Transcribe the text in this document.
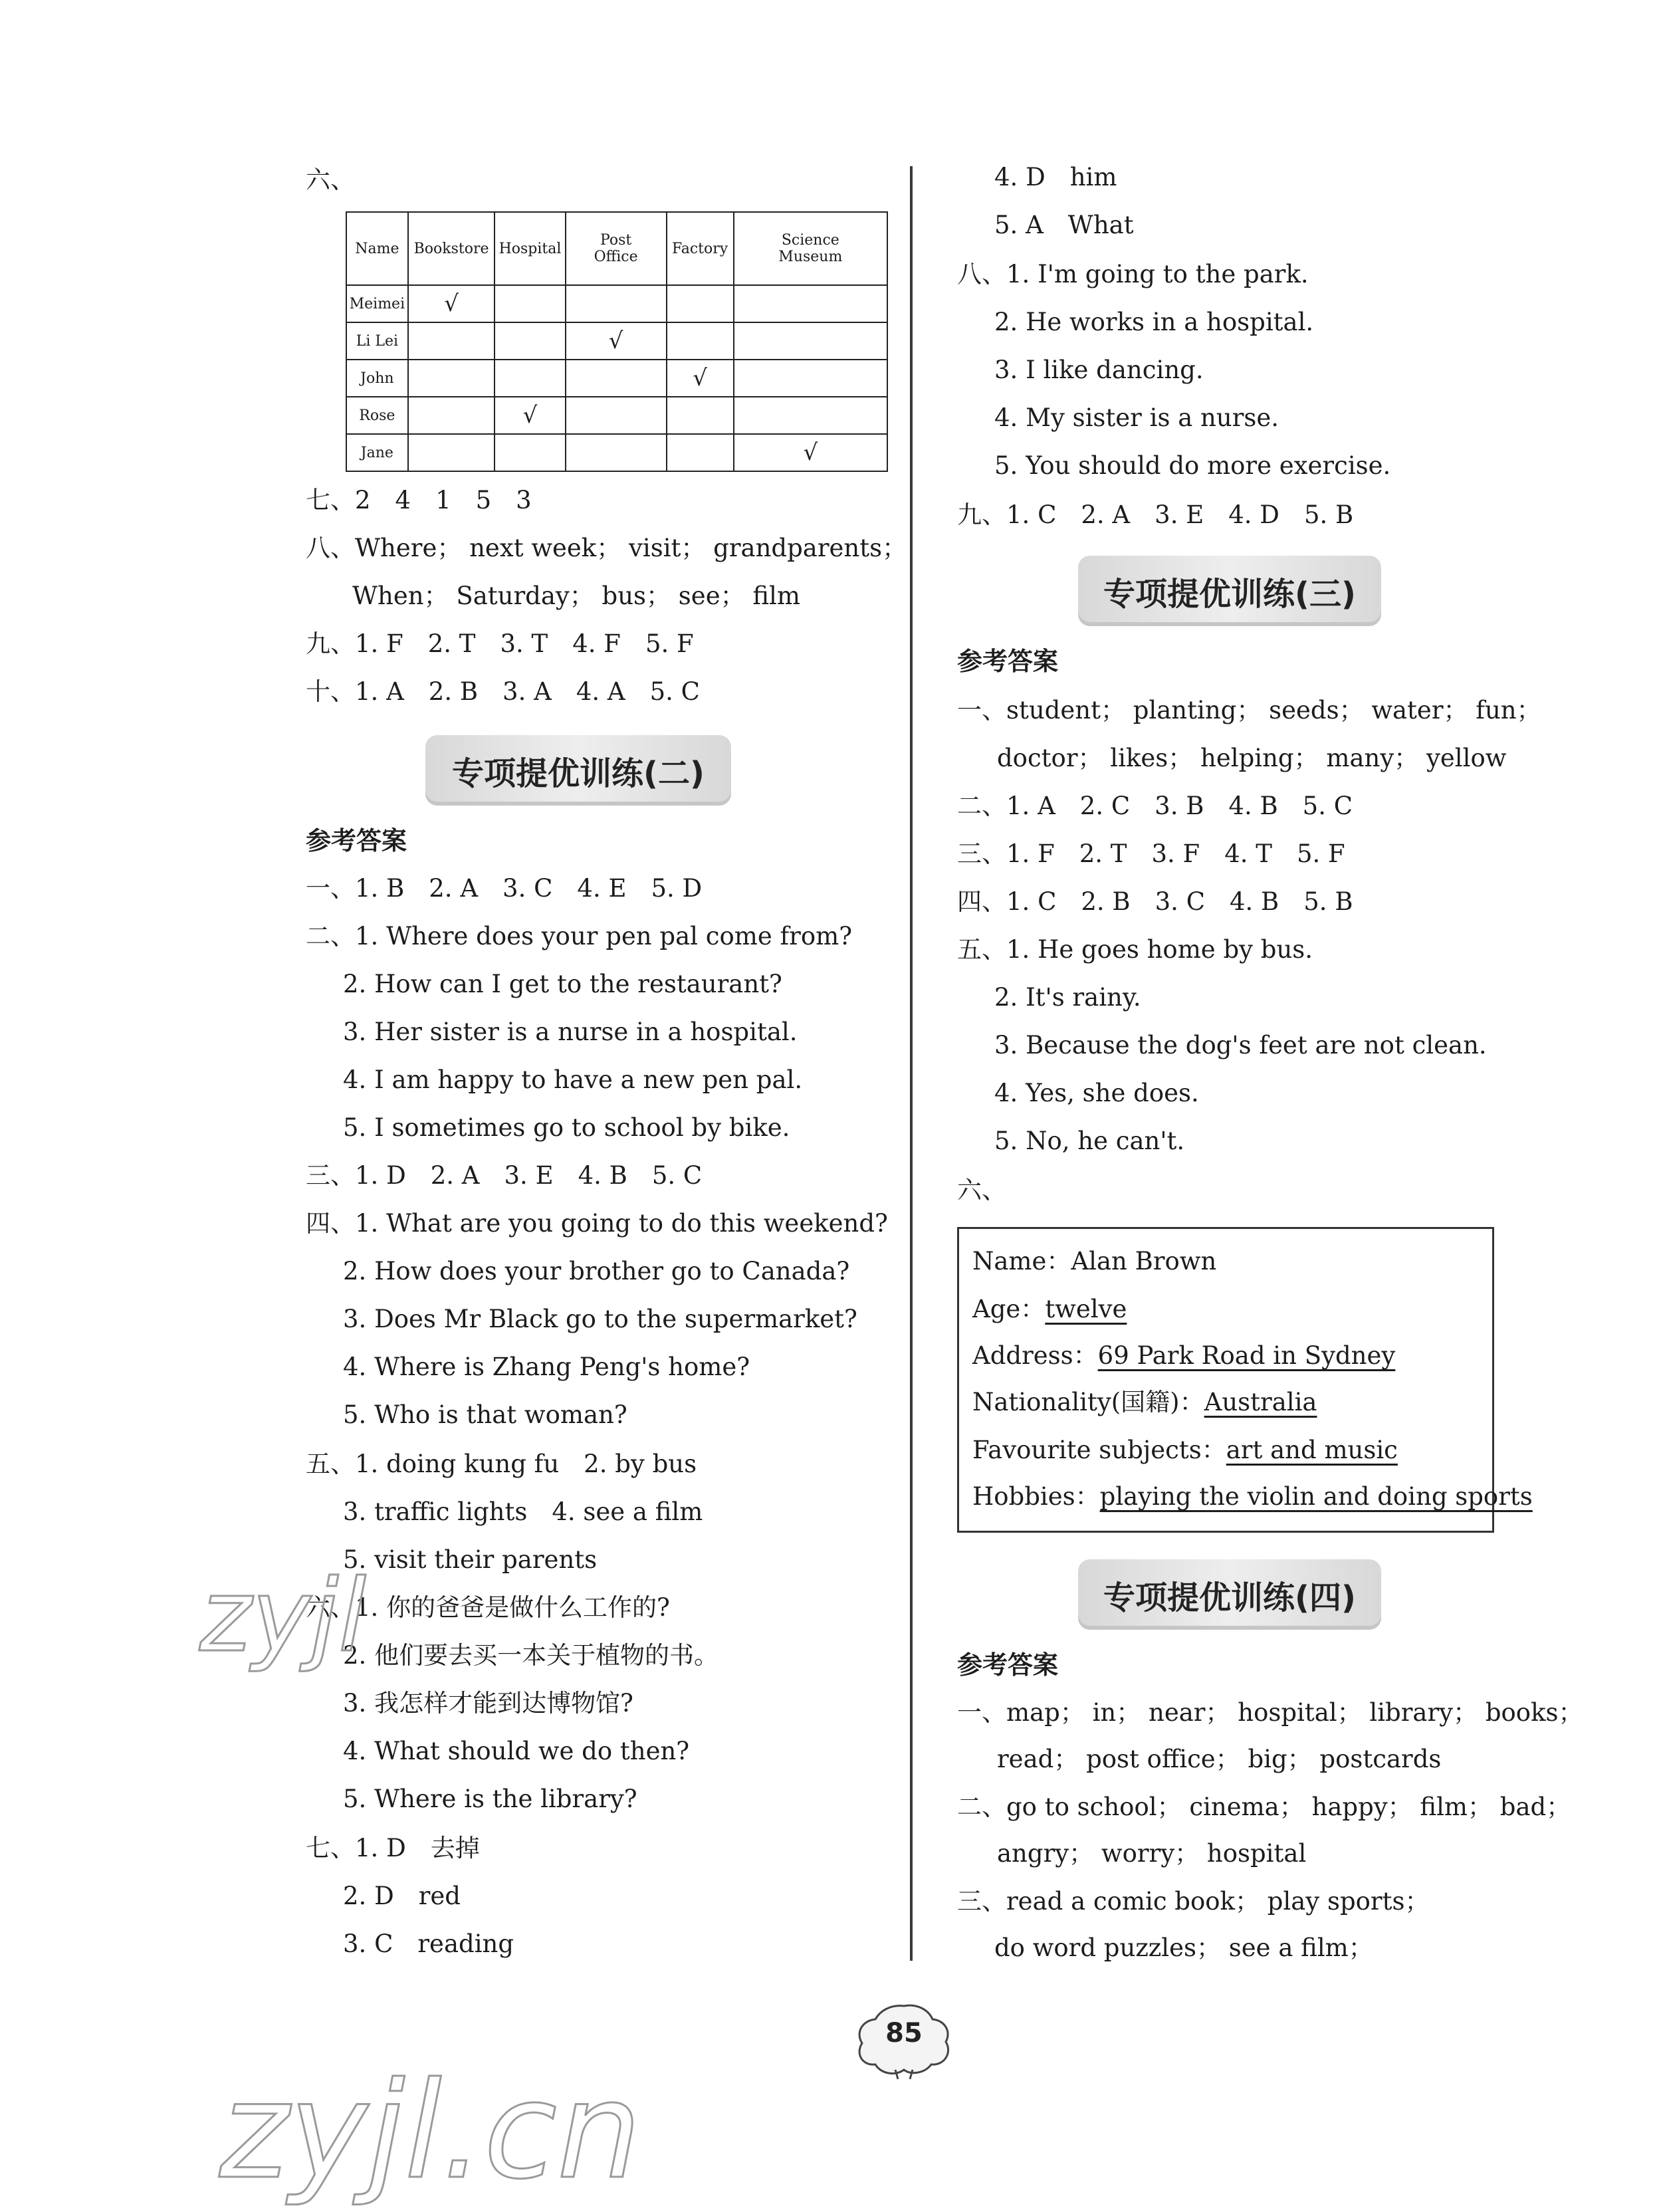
六、
Name	Bookstore	Hospital	Post Office	Factory	Science Museum
Meimei	√				
Li Lei			√		
John				√	
Rose		√			
Jane					√
七、2　4　1　5　3
八、Where； next week； visit； grandparents；
When； Saturday； bus； see； film
九、1. F　2. T　3. T　4. F　5. F
十、1. A　2. B　3. A　4. A　5. C
专项提优训练(二)
参考答案
一、1. B　2. A　3. C　4. E　5. D
二、1. Where does your pen pal come from?
2. How can I get to the restaurant?
3. Her sister is a nurse in a hospital.
4. I am happy to have a new pen pal.
5. I sometimes go to school by bike.
三、1. D　2. A　3. E　4. B　5. C
四、1. What are you going to do this weekend?
2. How does your brother go to Canada?
3. Does Mr Black go to the supermarket?
4. Where is Zhang Peng's home?
5. Who is that woman?
五、1. doing kung fu　2. by bus
3. traffic lights　4. see a film
5. visit their parents
六、1. 你的爸爸是做什么工作的?
2. 他们要去买一本关于植物的书。
3. 我怎样才能到达博物馆?
4. What should we do then?
5. Where is the library?
七、1. D　去掉
2. D　red
3. C　reading
4. D　him
5. A　What
八、1. I'm going to the park.
2. He works in a hospital.
3. I like dancing.
4. My sister is a nurse.
5. You should do more exercise.
九、1. C　2. A　3. E　4. D　5. B
专项提优训练(三)
参考答案
一、student； planting； seeds； water； fun；
doctor； likes； helping； many； yellow
二、1. A　2. C　3. B　4. B　5. C
三、1. F　2. T　3. F　4. T　5. F
四、1. C　2. B　3. C　4. B　5. B
五、1. He goes home by bus.
2. It's rainy.
3. Because the dog's feet are not clean.
4. Yes, she does.
5. No, he can't.
六、
Name：Alan Brown
Age：twelve
Address：69 Park Road in Sydney
Nationality(国籍)：Australia
Favourite subjects：art and music
Hobbies：playing the violin and doing sports
专项提优训练(四)
参考答案
一、map； in； near； hospital； library； books；
read； post office； big； postcards
二、go to school； cinema； happy； film； bad；
angry； worry； hospital
三、read a comic book； play sports；
do word puzzles； see a film；
85
zyjl
zyjl.cn
